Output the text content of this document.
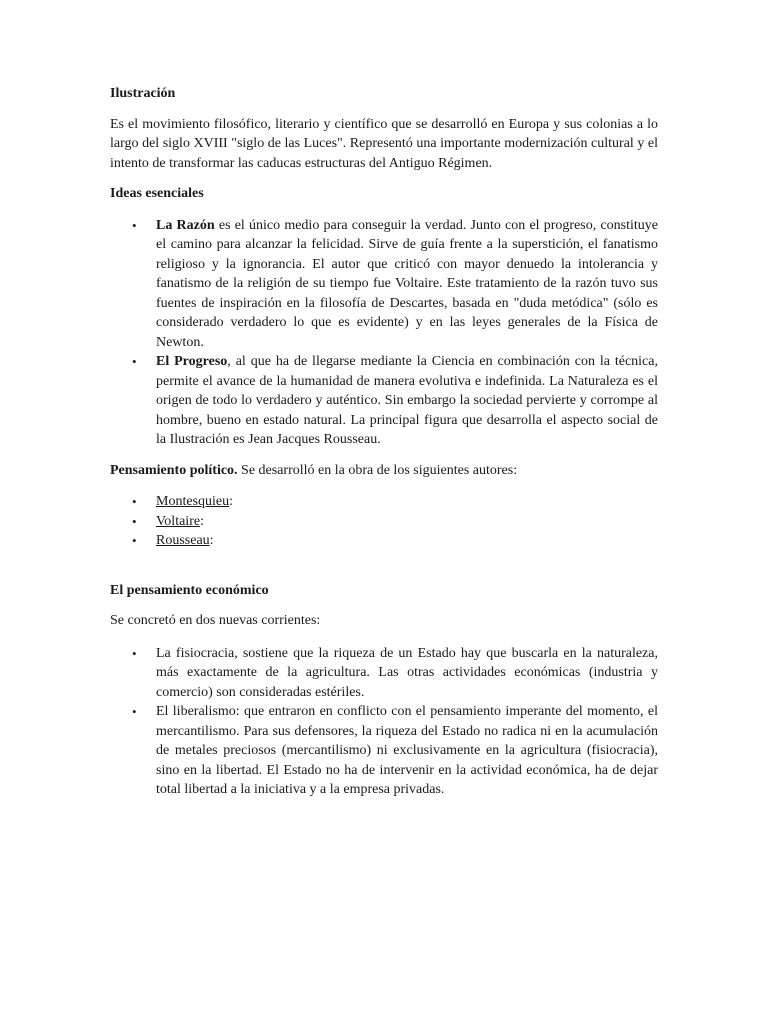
Ilustración

Es el movimiento filosófico, literario y científico que se desarrolló en Europa y sus colonias a lo largo del siglo XVIII "siglo de las Luces". Representó una importante modernización cultural y el intento de transformar las caducas estructuras del Antiguo Régimen.

Ideas esenciales
• La Razón es el único medio para conseguir la verdad. Junto con el progreso, constituye el camino para alcanzar la felicidad. Sirve de guía frente a la superstición, el fanatismo religioso y la ignorancia. El autor que criticó con mayor denuedo la intolerancia y fanatismo de la religión de su tiempo fue Voltaire. Este tratamiento de la razón tuvo sus fuentes de inspiración en la filosofía de Descartes, basada en "duda metódica" (sólo es considerado verdadero lo que es evidente) y en las leyes generales de la Física de Newton.
• El Progreso, al que ha de llegarse mediante la Ciencia en combinación con la técnica, permite el avance de la humanidad de manera evolutiva e indefinida. La Naturaleza es el origen de todo lo verdadero y auténtico. Sin embargo la sociedad pervierte y corrompe al hombre, bueno en estado natural. La principal figura que desarrolla el aspecto social de la Ilustración es Jean Jacques Rousseau.

Pensamiento político. Se desarrolló en la obra de los siguientes autores:

• Montesquieu:
• Voltaire:
• Rousseau:
El pensamiento económico

Se concretó en dos nuevas corrientes:

• La fisiocracia, sostiene que la riqueza de un Estado hay que buscarla en la naturaleza, más exactamente de la agricultura. Las otras actividades económicas (industria y comercio) son consideradas estériles.
• El liberalismo: que entraron en conflicto con el pensamiento imperante del momento, el mercantilismo. Para sus defensores, la riqueza del Estado no radica ni en la acumulación de metales preciosos (mercantilismo) ni exclusivamente en la agricultura (fisiocracia), sino en la libertad. El Estado no ha de intervenir en la actividad económica, ha de dejar total libertad a la iniciativa y a la empresa privadas.
